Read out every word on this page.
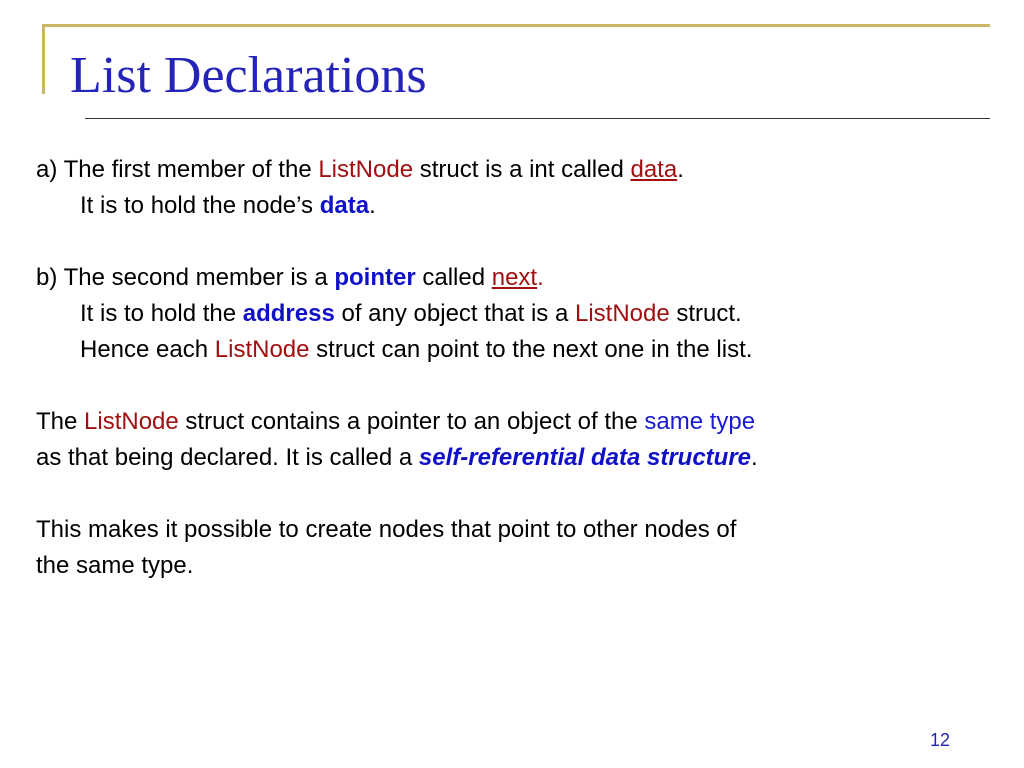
List Declarations
a) The first member of the ListNode struct is a int called data.
It is to hold the node’s data.
b) The second member is a pointer called next.
It is to hold the address of any object that is a ListNode struct.
Hence each ListNode struct can point to the next one in the list.
The ListNode struct contains a pointer to an object of the same type
as that being declared. It is called a self-referential data structure.
This makes it possible to create nodes that point to other nodes of
the same type.
12
